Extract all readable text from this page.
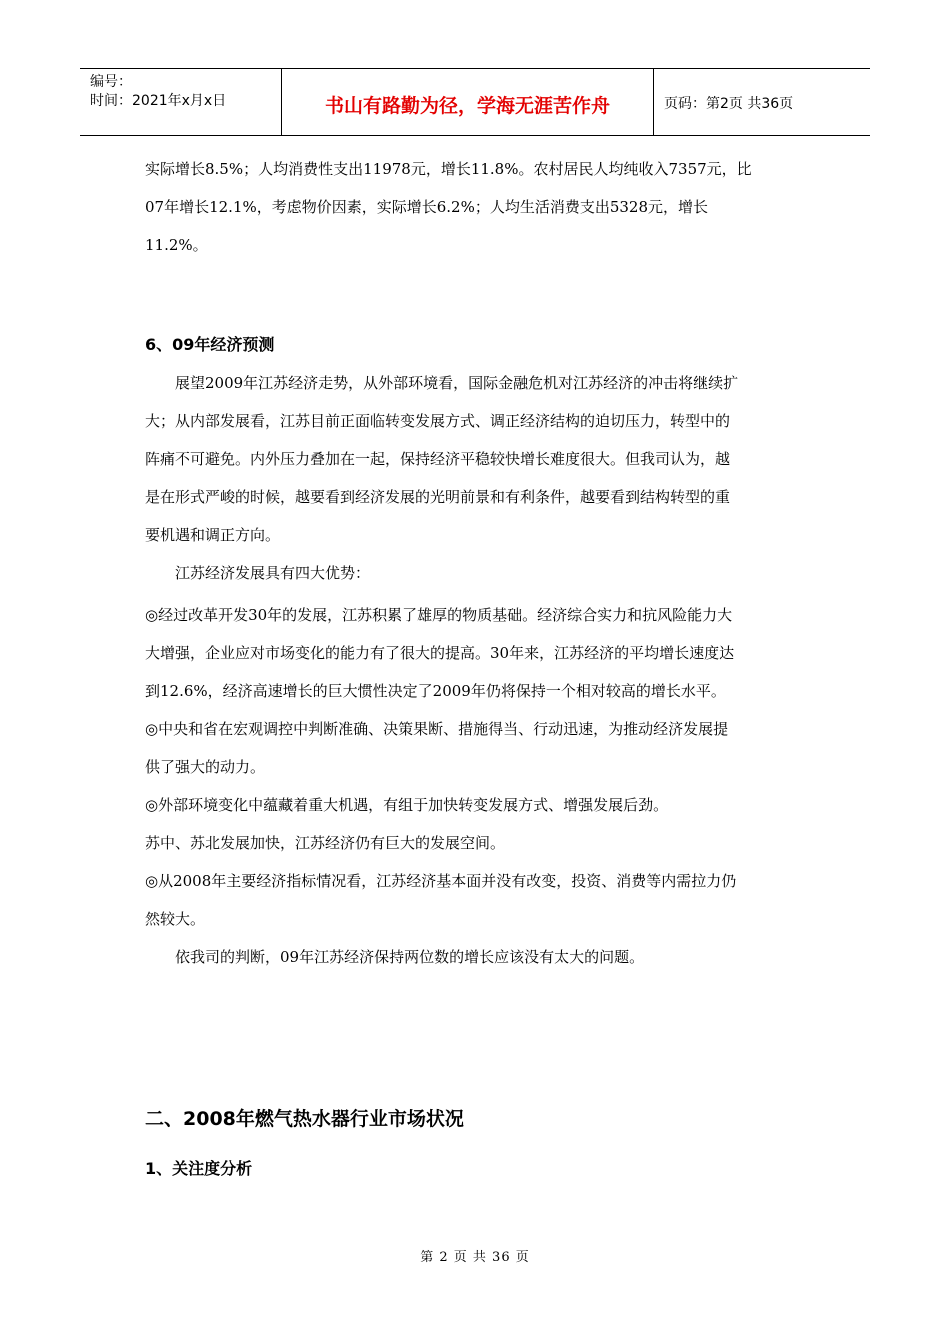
编号：
时间：2021年x月x日	书山有路勤为径，学海无涯苦作舟	页码：第2页 共36页

实际增长8.5%；人均消费性支出11978元，增长11.8%。农村居民人均纯收入7357元，比

07年增长12.1%，考虑物价因素，实际增长6.2%；人均生活消费支出5328元，增长

11.2%。

6、09年经济预测

展望2009年江苏经济走势，从外部环境看，国际金融危机对江苏经济的冲击将继续扩

大；从内部发展看，江苏目前正面临转变发展方式、调正经济结构的迫切压力，转型中的

阵痛不可避免。内外压力叠加在一起，保持经济平稳较快增长难度很大。但我司认为，越

是在形式严峻的时候，越要看到经济发展的光明前景和有利条件，越要看到结构转型的重

要机遇和调正方向。

江苏经济发展具有四大优势：

◎经过改革开发30年的发展，江苏积累了雄厚的物质基础。经济综合实力和抗风险能力大

大增强，企业应对市场变化的能力有了很大的提高。30年来，江苏经济的平均增长速度达

到12.6%，经济高速增长的巨大惯性决定了2009年仍将保持一个相对较高的增长水平。

◎中央和省在宏观调控中判断准确、决策果断、措施得当、行动迅速，为推动经济发展提

供了强大的动力。

◎外部环境变化中蕴藏着重大机遇，有组于加快转变发展方式、增强发展后劲。

苏中、苏北发展加快，江苏经济仍有巨大的发展空间。

◎从2008年主要经济指标情况看，江苏经济基本面并没有改变，投资、消费等内需拉力仍

然较大。

依我司的判断，09年江苏经济保持两位数的增长应该没有太大的问题。

二、2008年燃气热水器行业市场状况

1、关注度分析

第 2 页 共 36 页
